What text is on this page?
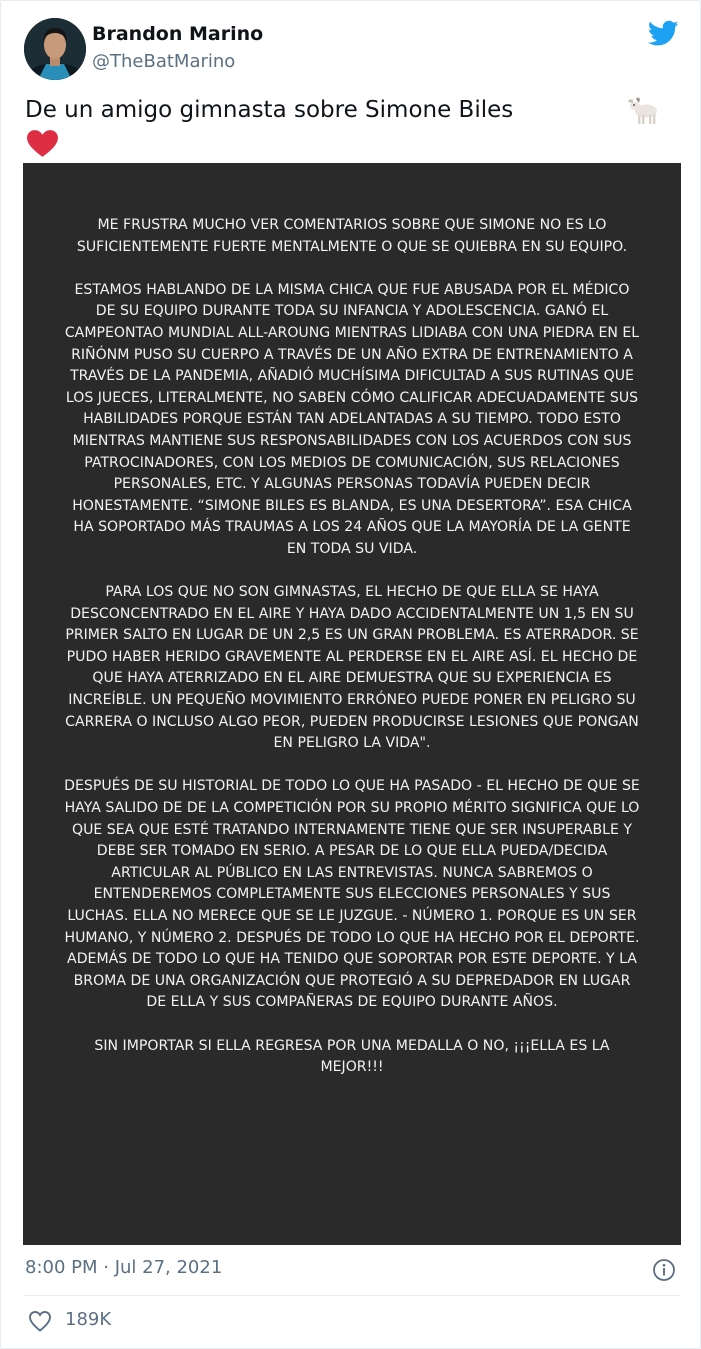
Brandon Marino
@TheBatMarino
De un amigo gimnasta sobre Simone Biles

ME FRUSTRA MUCHO VER COMENTARIOS SOBRE QUE SIMONE NO ES LO SUFICIENTEMENTE FUERTE MENTALMENTE O QUE SE QUIEBRA EN SU EQUIPO.

ESTAMOS HABLANDO DE LA MISMA CHICA QUE FUE ABUSADA POR EL MÉDICO DE SU EQUIPO DURANTE TODA SU INFANCIA Y ADOLESCENCIA. GANÓ EL CAMPEONTAO MUNDIAL ALL-AROUNG MIENTRAS LIDIABA CON UNA PIEDRA EN EL RIÑÓNM PUSO SU CUERPO A TRAVÉS DE UN AÑO EXTRA DE ENTRENAMIENTO A TRAVÉS DE LA PANDEMIA, AÑADIÓ MUCHÍSIMA DIFICULTAD A SUS RUTINAS QUE LOS JUECES, LITERALMENTE, NO SABEN CÓMO CALIFICAR ADECUADAMENTE SUS HABILIDADES PORQUE ESTÁN TAN ADELANTADAS A SU TIEMPO. TODO ESTO MIENTRAS MANTIENE SUS RESPONSABILIDADES CON LOS ACUERDOS CON SUS PATROCINADORES, CON LOS MEDIOS DE COMUNICACIÓN, SUS RELACIONES PERSONALES, ETC. Y ALGUNAS PERSONAS TODAVÍA PUEDEN DECIR HONESTAMENTE. “SIMONE BILES ES BLANDA, ES UNA DESERTORA”. ESA CHICA HA SOPORTADO MÁS TRAUMAS A LOS 24 AÑOS QUE LA MAYORÍA DE LA GENTE EN TODA SU VIDA.

PARA LOS QUE NO SON GIMNASTAS, EL HECHO DE QUE ELLA SE HAYA DESCONCENTRADO EN EL AIRE Y HAYA DADO ACCIDENTALMENTE UN 1,5 EN SU PRIMER SALTO EN LUGAR DE UN 2,5 ES UN GRAN PROBLEMA. ES ATERRADOR. SE PUDO HABER HERIDO GRAVEMENTE AL PERDERSE EN EL AIRE ASÍ. EL HECHO DE QUE HAYA ATERRIZADO EN EL AIRE DEMUESTRA QUE SU EXPERIENCIA ES INCREÍBLE. UN PEQUEÑO MOVIMIENTO ERRÓNEO PUEDE PONER EN PELIGRO SU CARRERA O INCLUSO ALGO PEOR, PUEDEN PRODUCIRSE LESIONES QUE PONGAN EN PELIGRO LA VIDA".

DESPUÉS DE SU HISTORIAL DE TODO LO QUE HA PASADO - EL HECHO DE QUE SE HAYA SALIDO DE DE LA COMPETICIÓN POR SU PROPIO MÉRITO SIGNIFICA QUE LO QUE SEA QUE ESTÉ TRATANDO INTERNAMENTE TIENE QUE SER INSUPERABLE Y DEBE SER TOMADO EN SERIO. A PESAR DE LO QUE ELLA PUEDA/DECIDA ARTICULAR AL PÚBLICO EN LAS ENTREVISTAS. NUNCA SABREMOS O ENTENDEREMOS COMPLETAMENTE SUS ELECCIONES PERSONALES Y SUS LUCHAS. ELLA NO MERECE QUE SE LE JUZGUE. - NÚMERO 1. PORQUE ES UN SER HUMANO, Y NÚMERO 2. DESPUÉS DE TODO LO QUE HA HECHO POR EL DEPORTE. ADEMÁS DE TODO LO QUE HA TENIDO QUE SOPORTAR POR ESTE DEPORTE. Y LA BROMA DE UNA ORGANIZACIÓN QUE PROTEGIÓ A SU DEPREDADOR EN LUGAR DE ELLA Y SUS COMPAÑERAS DE EQUIPO DURANTE AÑOS.

SIN IMPORTAR SI ELLA REGRESA POR UNA MEDALLA O NO, ¡¡¡ELLA ES LA MEJOR!!!

8:00 PM · Jul 27, 2021
189K
